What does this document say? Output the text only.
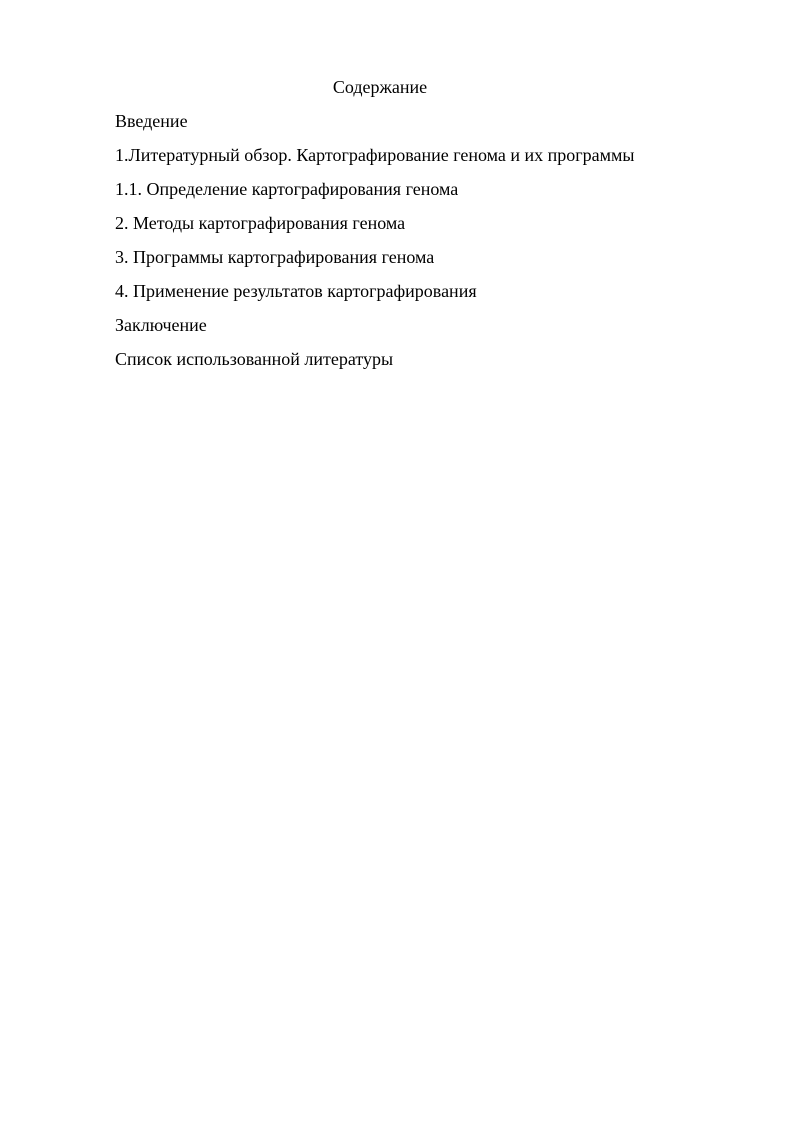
Содержание
Введение
1.Литературный обзор. Картографирование генома и их программы
1.1. Определение картографирования генома
2. Методы картографирования генома
3. Программы картографирования генома
4. Применение результатов картографирования
Заключение
Список использованной литературы
